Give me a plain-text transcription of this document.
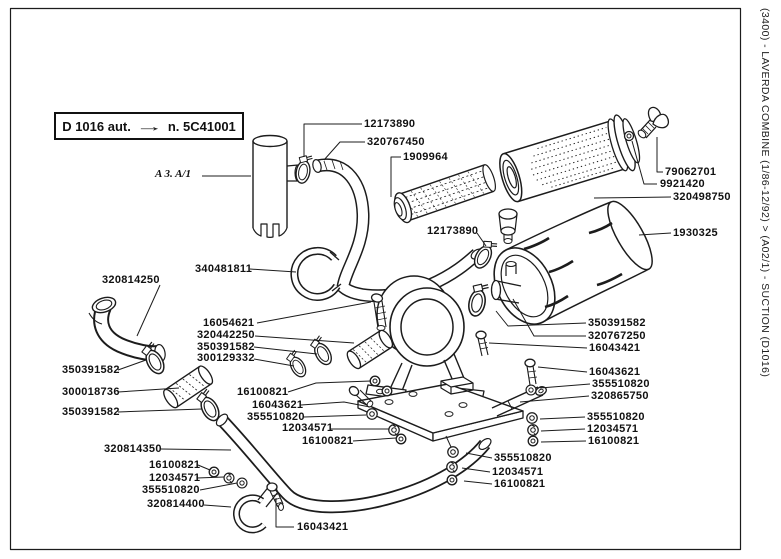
D 1016 aut. → n. 5C41001
A 3. A/1
12173890
320767450
1909964
12173890
79062701
9921420
320498750
1930325
340481811
320814250
16054621
320442250
350391582
300129332
350391582
300018736
350391582
16100821
16043621
355510820
12034571
16100821
350391582
320767250
16043421
16043621
355510820
320865750
355510820
12034571
16100821
355510820
12034571
16100821
320814350
16100821
12034571
355510820
320814400
16043421
(3400) - LAVERDA COMBINE (1/86-12/92) > (A02/1) - SUCTION (D1016)
